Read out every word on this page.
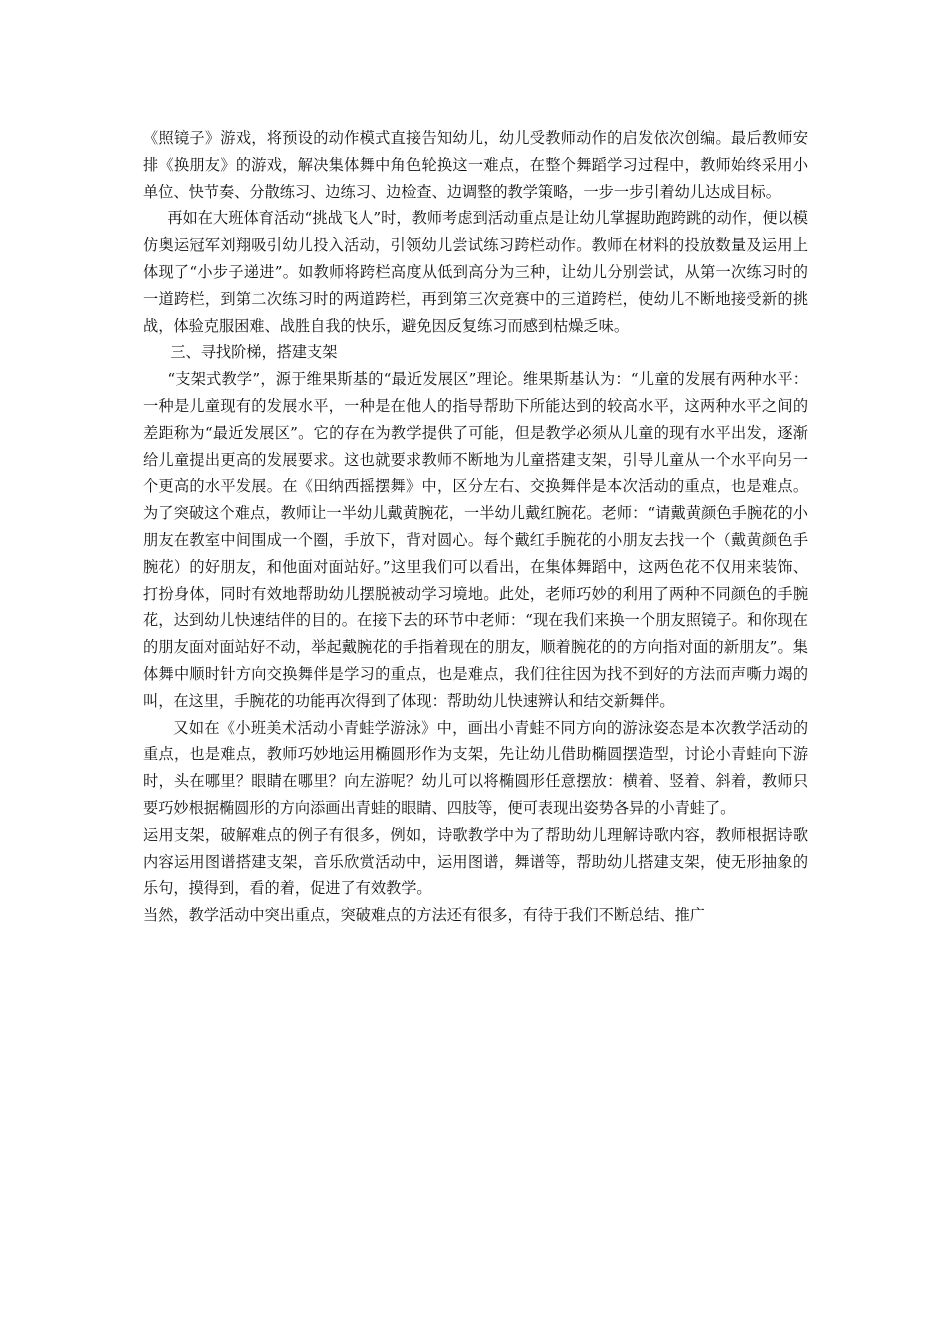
《照镜子》游戏，将预设的动作模式直接告知幼儿，幼儿受教师动作的启发依次创编。最后教师安排《换朋友》的游戏，解决集体舞中角色轮换这一难点，在整个舞蹈学习过程中，教师始终采用小单位、快节奏、分散练习、边练习、边检查、边调整的教学策略，一步一步引着幼儿达成目标。

再如在大班体育活动“挑战飞人”时，教师考虑到活动重点是让幼儿掌握助跑跨跳的动作，便以模仿奥运冠军刘翔吸引幼儿投入活动，引领幼儿尝试练习跨栏动作。教师在材料的投放数量及运用上体现了“小步子递进”。如教师将跨栏高度从低到高分为三种，让幼儿分别尝试，从第一次练习时的一道跨栏，到第二次练习时的两道跨栏，再到第三次竞赛中的三道跨栏，使幼儿不断地接受新的挑战，体验克服困难、战胜自我的快乐，避免因反复练习而感到枯燥乏味。

三、寻找阶梯，搭建支架

“支架式教学”，源于维果斯基的“最近发展区”理论。维果斯基认为：“儿童的发展有两种水平：一种是儿童现有的发展水平，一种是在他人的指导帮助下所能达到的较高水平，这两种水平之间的差距称为“最近发展区”。它的存在为教学提供了可能，但是教学必须从儿童的现有水平出发，逐渐给儿童提出更高的发展要求。这也就要求教师不断地为儿童搭建支架，引导儿童从一个水平向另一个更高的水平发展。在《田纳西摇摆舞》中，区分左右、交换舞伴是本次活动的重点，也是难点。为了突破这个难点，教师让一半幼儿戴黄腕花，一半幼儿戴红腕花。老师：“请戴黄颜色手腕花的小朋友在教室中间围成一个圈，手放下，背对圆心。每个戴红手腕花的小朋友去找一个（戴黄颜色手腕花）的好朋友，和他面对面站好。”这里我们可以看出，在集体舞蹈中，这两色花不仅用来装饰、打扮身体，同时有效地帮助幼儿摆脱被动学习境地。此处，老师巧妙的利用了两种不同颜色的手腕花，达到幼儿快速结伴的目的。在接下去的环节中老师：“现在我们来换一个朋友照镜子。和你现在的朋友面对面站好不动，举起戴腕花的手指着现在的朋友，顺着腕花的的方向指对面的新朋友”。集体舞中顺时针方向交换舞伴是学习的重点，也是难点，我们往往因为找不到好的方法而声嘶力竭的叫，在这里，手腕花的功能再次得到了体现：帮助幼儿快速辨认和结交新舞伴。

又如在《小班美术活动小青蛙学游泳》中，画出小青蛙不同方向的游泳姿态是本次教学活动的重点，也是难点，教师巧妙地运用椭圆形作为支架，先让幼儿借助椭圆摆造型，讨论小青蛙向下游时，头在哪里？眼睛在哪里？向左游呢？幼儿可以将椭圆形任意摆放：横着、竖着、斜着，教师只要巧妙根据椭圆形的方向添画出青蛙的眼睛、四肢等，便可表现出姿势各异的小青蛙了。

运用支架，破解难点的例子有很多，例如，诗歌教学中为了帮助幼儿理解诗歌内容，教师根据诗歌内容运用图谱搭建支架，音乐欣赏活动中，运用图谱，舞谱等，帮助幼儿搭建支架，使无形抽象的乐句，摸得到，看的着，促进了有效教学。

当然，教学活动中突出重点，突破难点的方法还有很多，有待于我们不断总结、推广
